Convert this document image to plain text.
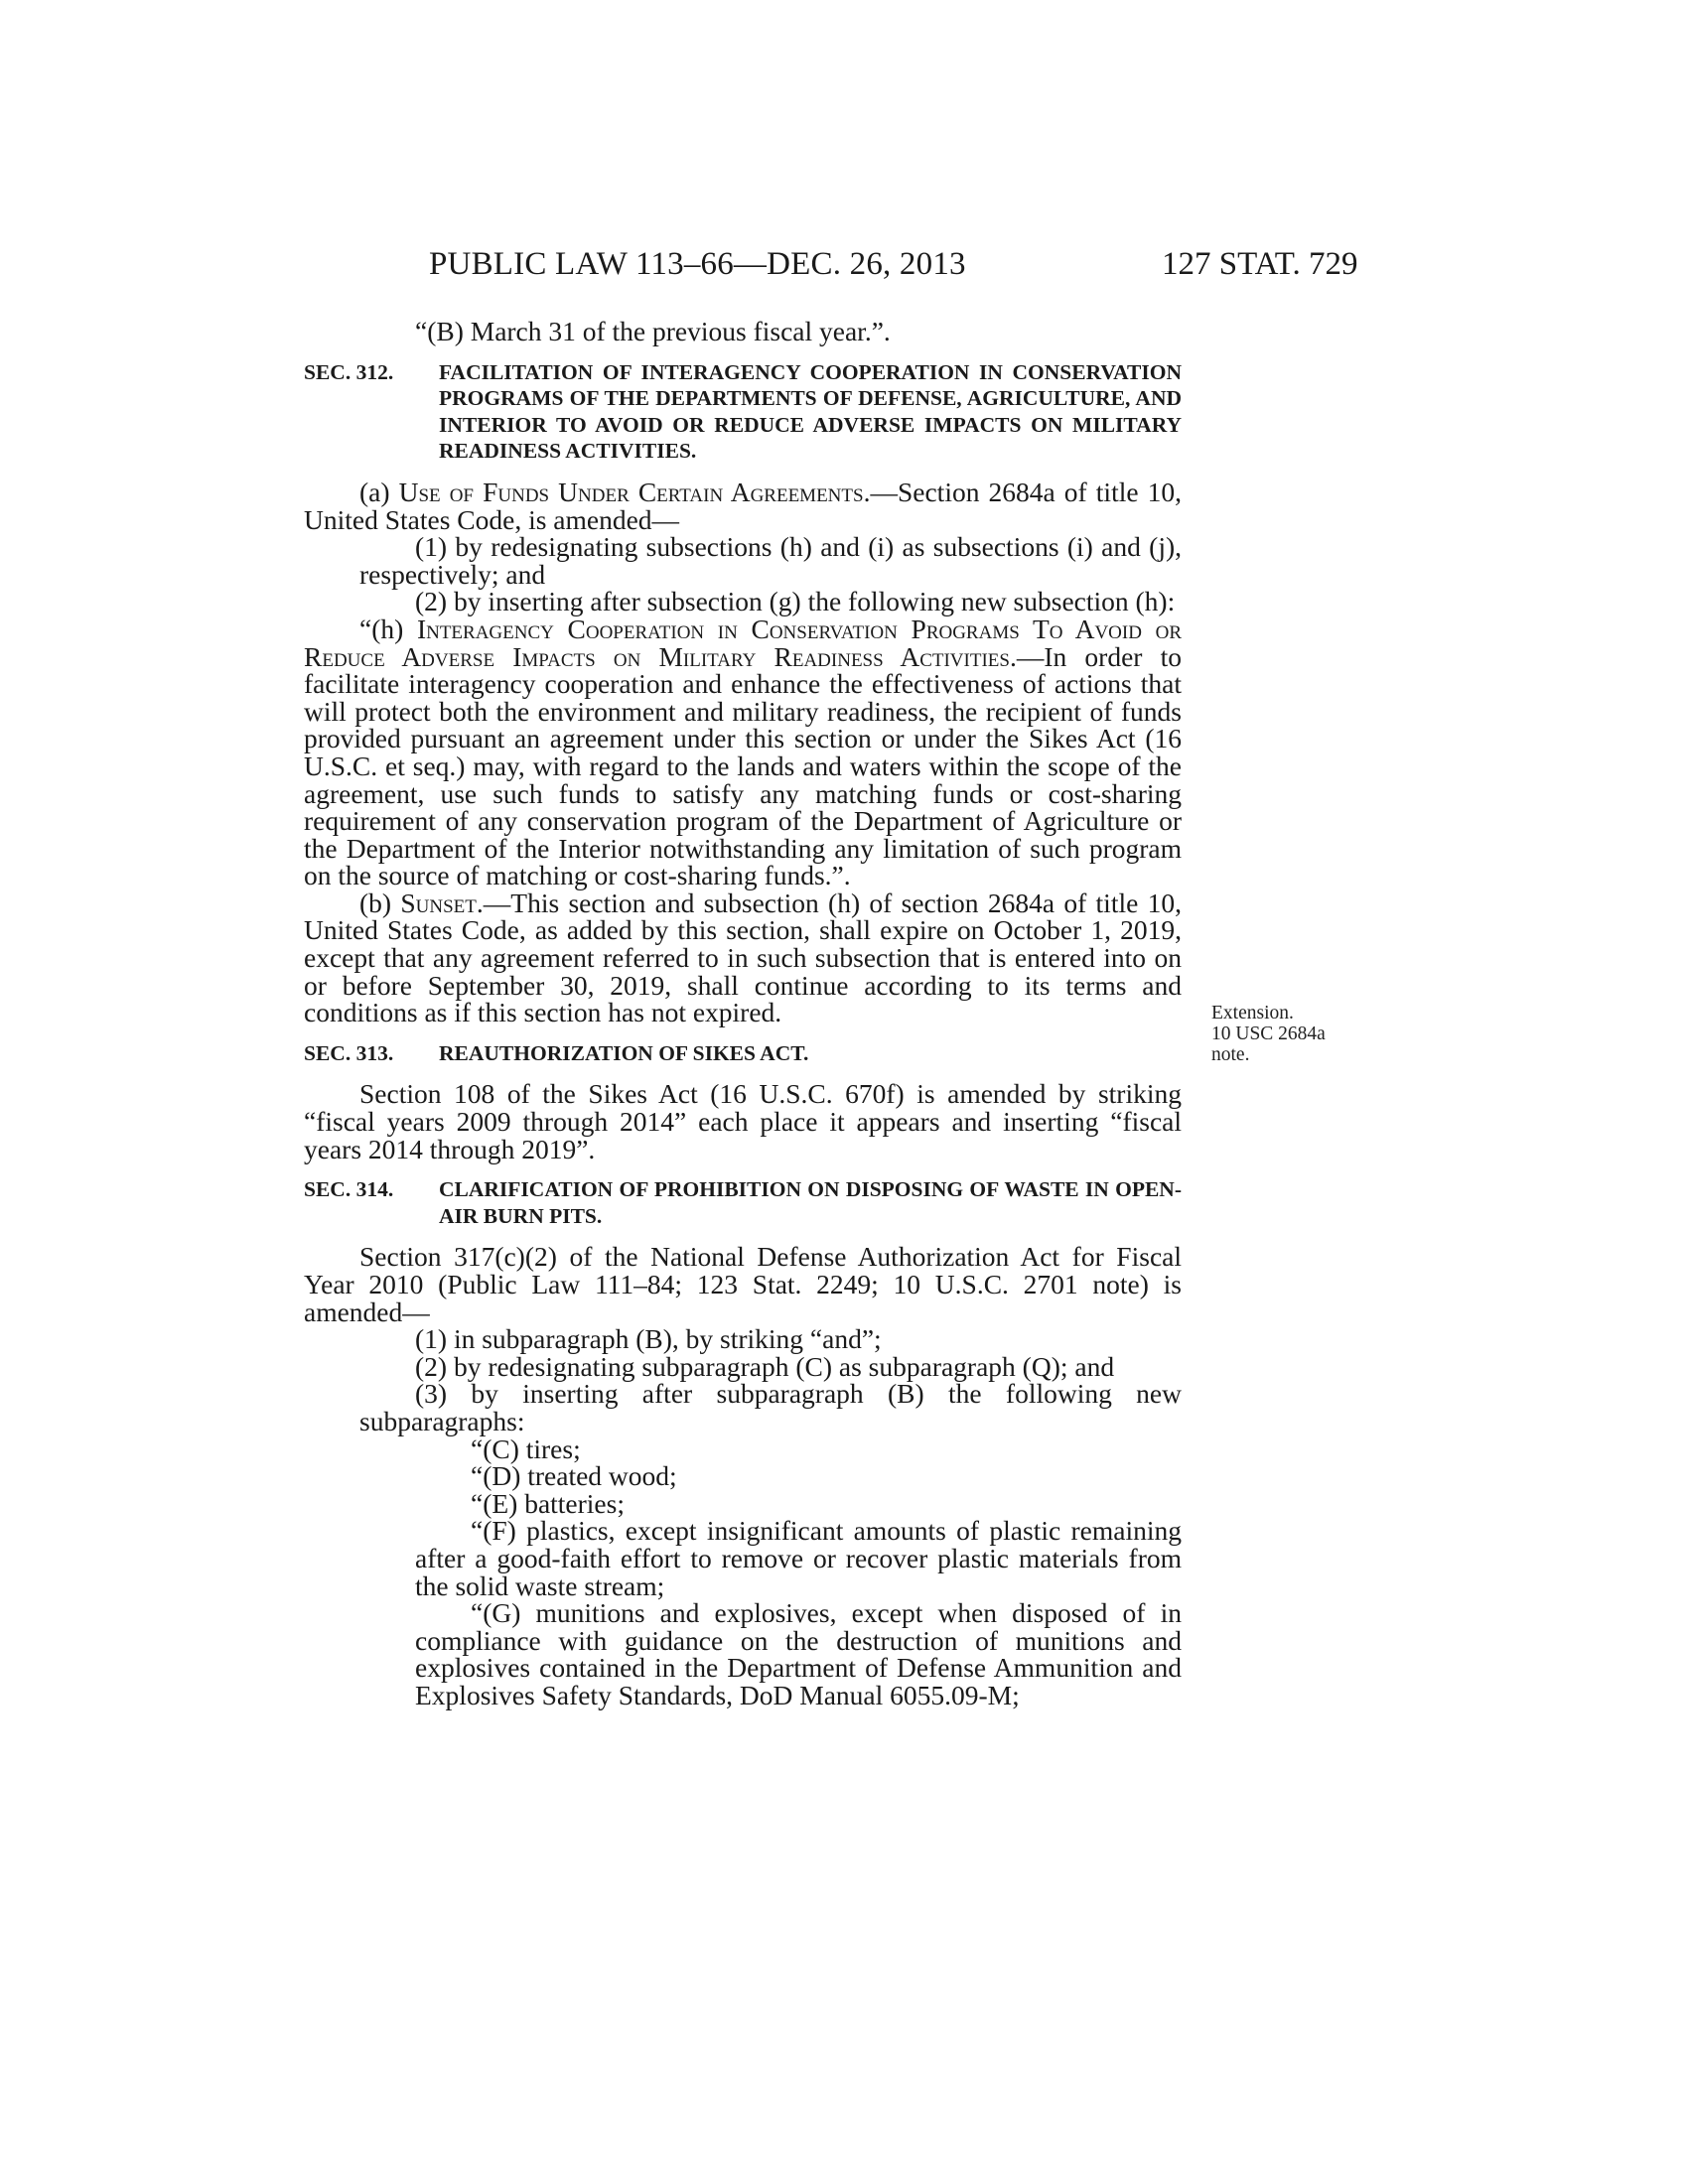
PUBLIC LAW 113–66—DEC. 26, 2013	127 STAT. 729

“(B) March 31 of the previous fiscal year.”.

SEC. 312.	FACILITATION OF INTERAGENCY COOPERATION IN CONSERVATION PROGRAMS OF THE DEPARTMENTS OF DEFENSE, AGRICULTURE, AND INTERIOR TO AVOID OR REDUCE ADVERSE IMPACTS ON MILITARY READINESS ACTIVITIES.

(a) Use of Funds Under Certain Agreements.—Section 2684a of title 10, United States Code, is amended—

(1) by redesignating subsections (h) and (i) as subsections (i) and (j), respectively; and

(2) by inserting after subsection (g) the following new subsection (h):

“(h) Interagency Cooperation in Conservation Programs To Avoid or Reduce Adverse Impacts on Military Readiness Activities.—In order to facilitate interagency cooperation and enhance the effectiveness of actions that will protect both the environment and military readiness, the recipient of funds provided pursuant an agreement under this section or under the Sikes Act (16 U.S.C. et seq.) may, with regard to the lands and waters within the scope of the agreement, use such funds to satisfy any matching funds or cost-sharing requirement of any conservation program of the Department of Agriculture or the Department of the Interior notwithstanding any limitation of such program on the source of matching or cost-sharing funds.”.

(b) Sunset.—This section and subsection (h) of section 2684a of title 10, United States Code, as added by this section, shall expire on October 1, 2019, except that any agreement referred to in such subsection that is entered into on or before September 30, 2019, shall continue according to its terms and conditions as if this section has not expired.

SEC. 313.	REAUTHORIZATION OF SIKES ACT.

Section 108 of the Sikes Act (16 U.S.C. 670f) is amended by striking “fiscal years 2009 through 2014” each place it appears and inserting “fiscal years 2014 through 2019”.

SEC. 314.	CLARIFICATION OF PROHIBITION ON DISPOSING OF WASTE IN OPEN-AIR BURN PITS.

Section 317(c)(2) of the National Defense Authorization Act for Fiscal Year 2010 (Public Law 111–84; 123 Stat. 2249; 10 U.S.C. 2701 note) is amended—

(1) in subparagraph (B), by striking “and”;

(2) by redesignating subparagraph (C) as subparagraph (Q); and

(3) by inserting after subparagraph (B) the following new subparagraphs:

“(C) tires;

“(D) treated wood;

“(E) batteries;

“(F) plastics, except insignificant amounts of plastic remaining after a good-faith effort to remove or recover plastic materials from the solid waste stream;

“(G) munitions and explosives, except when disposed of in compliance with guidance on the destruction of munitions and explosives contained in the Department of Defense Ammunition and Explosives Safety Standards, DoD Manual 6055.09-M;

Extension.
10 USC 2684a
note.
